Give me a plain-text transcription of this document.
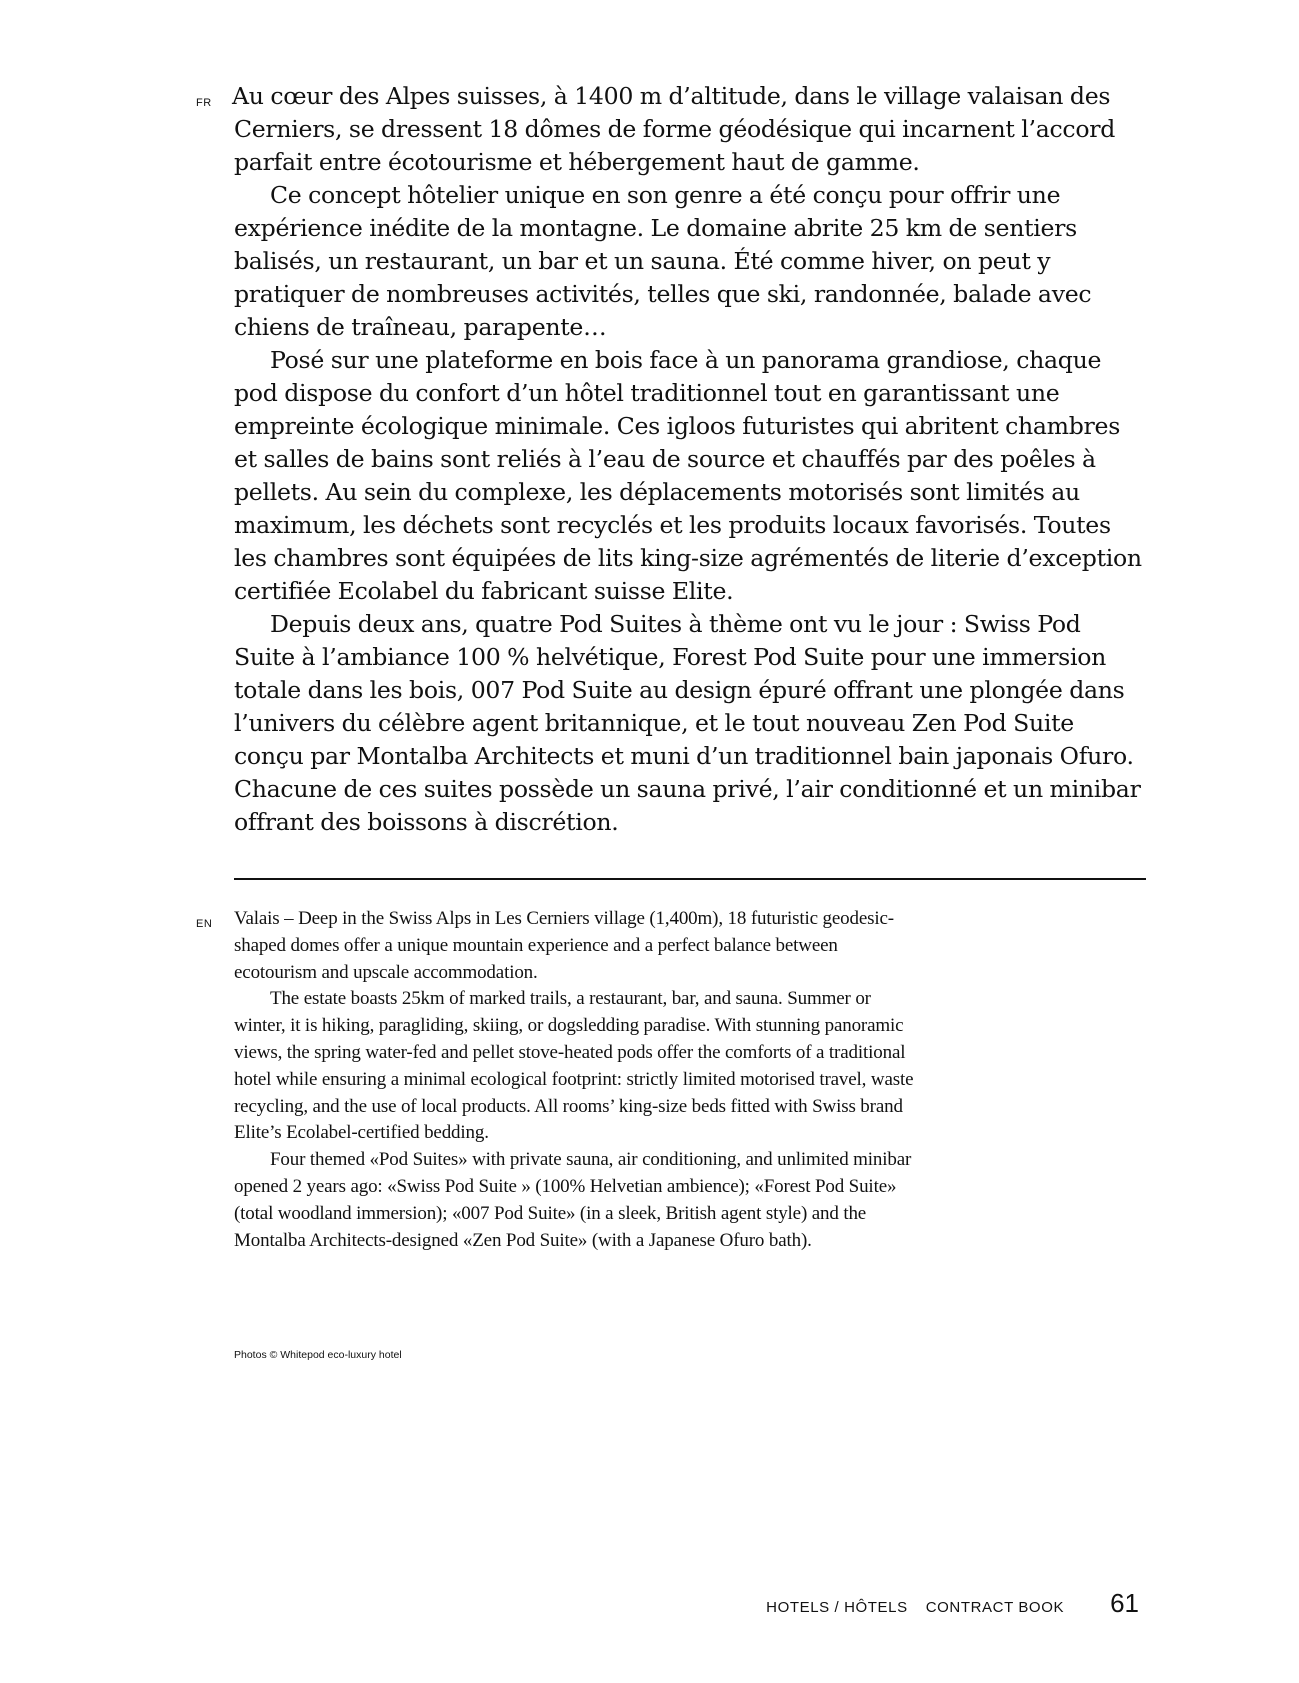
FR Au cœur des Alpes suisses, à 1400 m d’altitude, dans le village valaisan des Cerniers, se dressent 18 dômes de forme géodésique qui incarnent l’accord parfait entre écotourisme et hébergement haut de gamme.

Ce concept hôtelier unique en son genre a été conçu pour offrir une expérience inédite de la montagne. Le domaine abrite 25 km de sentiers balisés, un restaurant, un bar et un sauna. Été comme hiver, on peut y pratiquer de nombreuses activités, telles que ski, randonnée, balade avec chiens de traîneau, parapente…

Posé sur une plateforme en bois face à un panorama grandiose, chaque pod dispose du confort d’un hôtel traditionnel tout en garantissant une empreinte écologique minimale. Ces igloos futuristes qui abritent chambres et salles de bains sont reliés à l’eau de source et chauffés par des poêles à pellets. Au sein du complexe, les déplacements motorisés sont limités au maximum, les déchets sont recyclés et les produits locaux favorisés. Toutes les chambres sont équipées de lits king-size agrémentés de literie d’exception certifiée Ecolabel du fabricant suisse Elite.

Depuis deux ans, quatre Pod Suites à thème ont vu le jour : Swiss Pod Suite à l’ambiance 100 % helvétique, Forest Pod Suite pour une immersion totale dans les bois, 007 Pod Suite au design épuré offrant une plongée dans l’univers du célèbre agent britannique, et le tout nouveau Zen Pod Suite conçu par Montalba Architects et muni d’un traditionnel bain japonais Ofuro. Chacune de ces suites possède un sauna privé, l’air conditionné et un minibar offrant des boissons à discrétion.

EN Valais – Deep in the Swiss Alps in Les Cerniers village (1,400m), 18 futuristic geodesic-shaped domes offer a unique mountain experience and a perfect balance between ecotourism and upscale accommodation.

The estate boasts 25km of marked trails, a restaurant, bar, and sauna. Summer or winter, it is hiking, paragliding, skiing, or dogsledding paradise. With stunning panoramic views, the spring water-fed and pellet stove-heated pods offer the comforts of a traditional hotel while ensuring a minimal ecological footprint: strictly limited motorised travel, waste recycling, and the use of local products. All rooms’ king-size beds fitted with Swiss brand Elite’s Ecolabel-certified bedding.

Four themed «Pod Suites» with private sauna, air conditioning, and unlimited minibar opened 2 years ago: «Swiss Pod Suite » (100% Helvetian ambience); «Forest Pod Suite» (total woodland immersion); «007 Pod Suite» (in a sleek, British agent style) and the Montalba Architects-designed «Zen Pod Suite» (with a Japanese Ofuro bath).

Photos © Whitepod eco-luxury hotel
HOTELS / HÔTELS CONTRACT BOOK 61
